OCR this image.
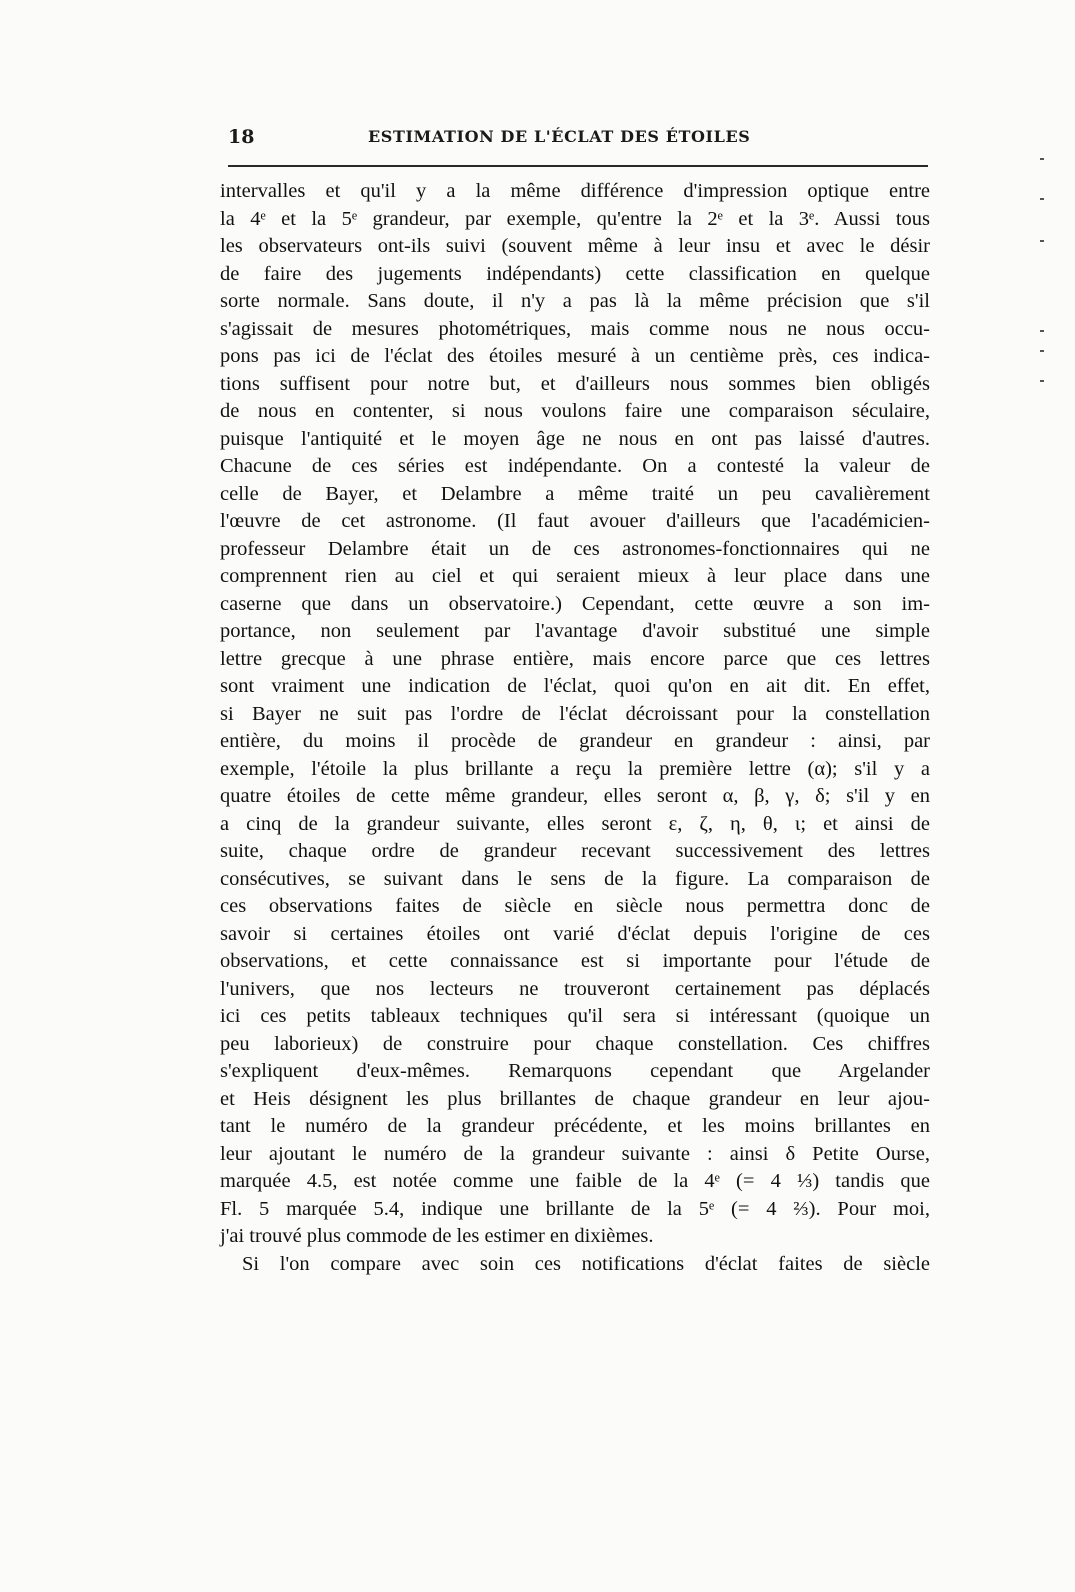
18	ESTIMATION DE L'ÉCLAT DES ÉTOILES
intervalles et qu'il y a la même différence d'impression optique entre
la 4ᵉ et la 5ᵉ grandeur, par exemple, qu'entre la 2ᵉ et la 3ᵉ. Aussi tous
les observateurs ont-ils suivi (souvent même à leur insu et avec le désir
de faire des jugements indépendants) cette classification en quelque
sorte normale. Sans doute, il n'y a pas là la même précision que s'il
s'agissait de mesures photométriques, mais comme nous ne nous occu-
pons pas ici de l'éclat des étoiles mesuré à un centième près, ces indica-
tions suffisent pour notre but, et d'ailleurs nous sommes bien obligés
de nous en contenter, si nous voulons faire une comparaison séculaire,
puisque l'antiquité et le moyen âge ne nous en ont pas laissé d'autres.
Chacune de ces séries est indépendante. On a contesté la valeur de
celle de Bayer, et Delambre a même traité un peu cavalièrement
l'œuvre de cet astronome. (Il faut avouer d'ailleurs que l'académicien-
professeur Delambre était un de ces astronomes-fonctionnaires qui ne
comprennent rien au ciel et qui seraient mieux à leur place dans une
caserne que dans un observatoire.) Cependant, cette œuvre a son im-
portance, non seulement par l'avantage d'avoir substitué une simple
lettre grecque à une phrase entière, mais encore parce que ces lettres
sont vraiment une indication de l'éclat, quoi qu'on en ait dit. En effet,
si Bayer ne suit pas l'ordre de l'éclat décroissant pour la constellation
entière, du moins il procède de grandeur en grandeur : ainsi, par
exemple, l'étoile la plus brillante a reçu la première lettre (α); s'il y a
quatre étoiles de cette même grandeur, elles seront α, β, γ, δ; s'il y en
a cinq de la grandeur suivante, elles seront ε, ζ, η, θ, ι; et ainsi de
suite, chaque ordre de grandeur recevant successivement des lettres
consécutives, se suivant dans le sens de la figure. La comparaison de
ces observations faites de siècle en siècle nous permettra donc de
savoir si certaines étoiles ont varié d'éclat depuis l'origine de ces
observations, et cette connaissance est si importante pour l'étude de
l'univers, que nos lecteurs ne trouveront certainement pas déplacés
ici ces petits tableaux techniques qu'il sera si intéressant (quoique un
peu laborieux) de construire pour chaque constellation. Ces chiffres
s'expliquent d'eux-mêmes. Remarquons cependant que Argelander
et Heis désignent les plus brillantes de chaque grandeur en leur ajou-
tant le numéro de la grandeur précédente, et les moins brillantes en
leur ajoutant le numéro de la grandeur suivante : ainsi δ Petite Ourse,
marquée 4.5, est notée comme une faible de la 4ᵉ (= 4 ⅓) tandis que
Fl. 5 marquée 5.4, indique une brillante de la 5ᵉ (= 4 ⅔). Pour moi,
j'ai trouvé plus commode de les estimer en dixièmes.
Si l'on compare avec soin ces notifications d'éclat faites de siècle
